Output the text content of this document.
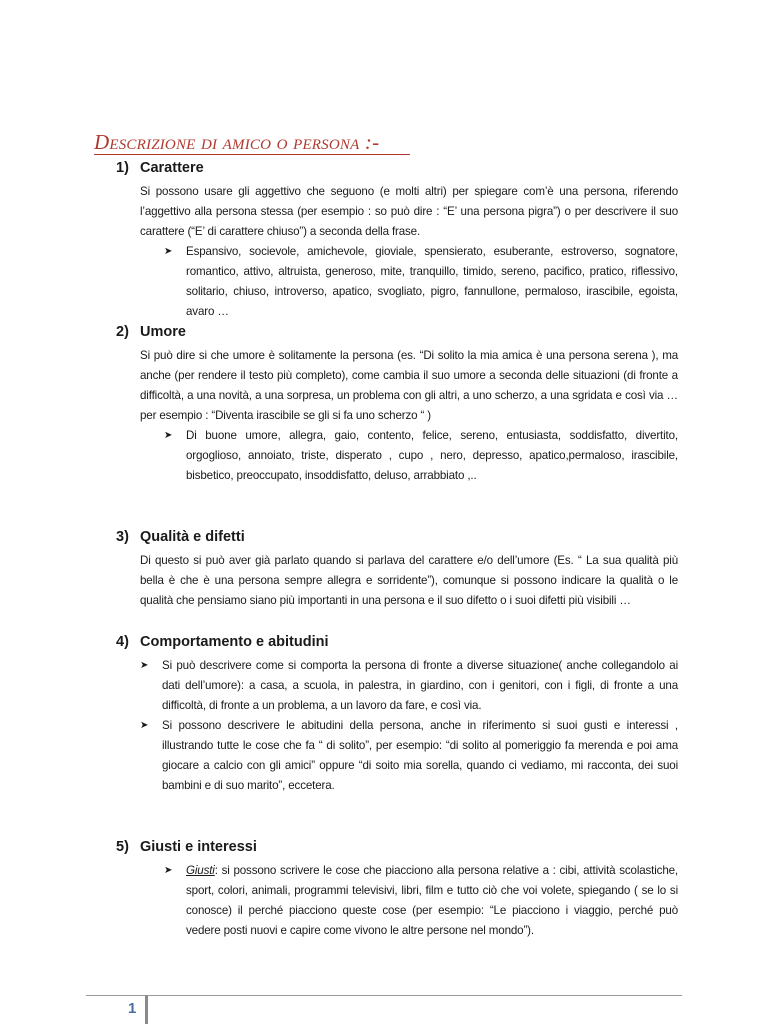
Descrizione di amico o persona :-
1) Carattere

Si possono usare gli aggettivo che seguono (e molti altri) per spiegare com’è una persona, riferendo l’aggettivo alla persona stessa (per esempio : so può dire : “E’ una persona pigra”) o per descrivere il suo carattere (“E’ di carattere chiuso”) a seconda della frase.

➤	Espansivo, socievole, amichevole, gioviale, spensierato, esuberante, estroverso, sognatore, romantico, attivo, altruista, generoso, mite, tranquillo, timido, sereno, pacifico, pratico, riflessivo, solitario, chiuso, introverso, apatico, svogliato, pigro, fannullone, permaloso, irascibile, egoista, avaro …
2) Umore

Si può dire si che umore è solitamente la persona (es. “Di solito la mia amica è una persona serena ), ma anche (per rendere il testo più completo), come cambia il suo umore a seconda delle situazioni (di fronte a difficoltà, a una novità, a una sorpresa, un problema con gli altri, a uno scherzo, a una sgridata e così via … per esempio : “Diventa irascibile se gli si fa uno scherzo “ )

➤	Di buone umore, allegra, gaio, contento, felice, sereno, entusiasta, soddisfatto, divertito, orgoglioso, annoiato, triste, disperato , cupo , nero, depresso, apatico,permaloso, irascibile, bisbetico, preoccupato, insoddisfatto, deluso, arrabbiato ,..
3) Qualità e difetti

Di questo si può aver già parlato quando si parlava del carattere e/o dell’umore (Es. “ La sua qualità più bella è che è una persona sempre allegra e sorridente”), comunque si possono indicare la qualità o le qualità che pensiamo siano più importanti in una persona e il suo difetto o i suoi difetti più visibili …

4) Comportamento e abitudini
➤	Si può descrivere come si comporta la persona di fronte a diverse situazione( anche collegandolo ai dati dell’umore): a casa, a scuola, in palestra, in giardino, con i genitori, con i figli, di fronte a una difficoltà, di fronte a un problema, a un lavoro da fare, e così via.
➤	Si possono descrivere le abitudini della persona, anche in riferimento si suoi gusti e interessi , illustrando tutte le cose che fa “ di solito”, per esempio: “di solito al pomeriggio fa merenda e poi ama giocare a calcio con gli amici” oppure “di soito mia sorella, quando ci vediamo, mi racconta, dei suoi bambini e di suo marito”, eccetera.
5) Giusti e interessi
➤	Giusti: si possono scrivere le cose che piacciono alla persona relative a : cibi, attività scolastiche, sport, colori, animali, programmi televisivi, libri, film e tutto ciò che voi volete, spiegando ( se lo si conosce) il perché piacciono queste cose (per esempio: “Le piacciono i viaggio, perché può vedere posti nuovi e capire come vivono le altre persone nel mondo”).
1
